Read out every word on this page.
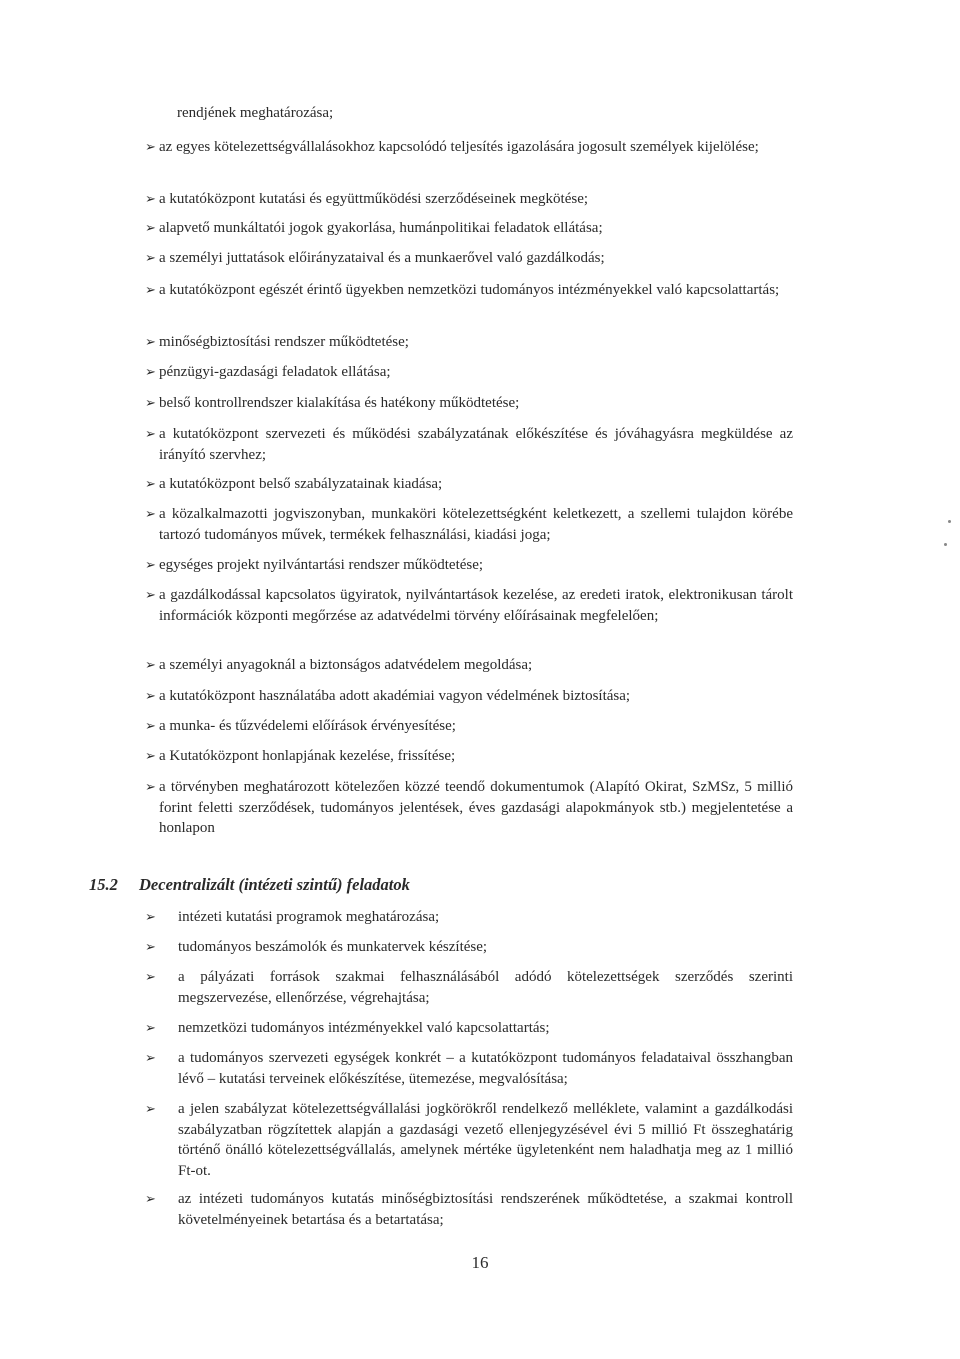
rendjének meghatározása;
➢ az egyes kötelezettségvállalásokhoz kapcsolódó teljesítés igazolására jogosult személyek kijelölése;
➢ a kutatóközpont kutatási és együttműködési szerződéseinek megkötése;
➢ alapvető munkáltatói jogok gyakorlása, humánpolitikai feladatok ellátása;
➢ a személyi juttatások előirányzataival és a munkaerővel való gazdálkodás;
➢ a kutatóközpont egészét érintő ügyekben nemzetközi tudományos intézményekkel való kapcsolattartás;
➢ minőségbiztosítási rendszer működtetése;
➢ pénzügyi-gazdasági feladatok ellátása;
➢ belső kontrollrendszer kialakítása és hatékony működtetése;
➢ a kutatóközpont szervezeti és működési szabályzatának előkészítése és jóváhagyásra megküldése az irányító szervhez;
➢ a kutatóközpont belső szabályzatainak kiadása;
➢ a közalkalmazotti jogviszonyban, munkaköri kötelezettségként keletkezett, a szellemi tulajdon körébe tartozó tudományos művek, termékek felhasználási, kiadási joga;
➢ egységes projekt nyilvántartási rendszer működtetése;
➢ a gazdálkodással kapcsolatos ügyiratok, nyilvántartások kezelése, az eredeti iratok, elektronikusan tárolt információk központi megőrzése az adatvédelmi törvény előírásainak megfelelően;
➢ a személyi anyagoknál a biztonságos adatvédelem megoldása;
➢ a kutatóközpont használatába adott akadémiai vagyon védelmének biztosítása;
➢ a munka- és tűzvédelemi előírások érvényesítése;
➢ a Kutatóközpont honlapjának kezelése, frissítése;
➢ a törvényben meghatározott kötelezően közzé teendő dokumentumok (Alapító Okirat, SzMSz, 5 millió forint feletti szerződések, tudományos jelentések, éves gazdasági alapokmányok stb.) megjelentetése a honlapon
15.2 Decentralizált (intézeti szintű) feladatok
➢	intézeti kutatási programok meghatározása;
➢	tudományos beszámolók és munkatervek készítése;
➢	a pályázati források szakmai felhasználásából adódó kötelezettségek szerződés szerinti megszervezése, ellenőrzése, végrehajtása;
➢	nemzetközi tudományos intézményekkel való kapcsolattartás;
➢	a tudományos szervezeti egységek konkrét – a kutatóközpont tudományos feladataival összhangban lévő – kutatási terveinek előkészítése, ütemezése, megvalósítása;
➢	a jelen szabályzat kötelezettségvállalási jogkörökről rendelkező melléklete, valamint a gazdálkodási szabályzatban rögzítettek alapján a gazdasági vezető ellenjegyzésével évi 5 millió Ft összeghatárig történő önálló kötelezettségvállalás, amelynek mértéke ügyletenként nem haladhatja meg az 1 millió Ft-ot.
➢	az intézeti tudományos kutatás minőségbiztosítási rendszerének működtetése, a szakmai kontroll követelményeinek betartása és a betartatása;
16
